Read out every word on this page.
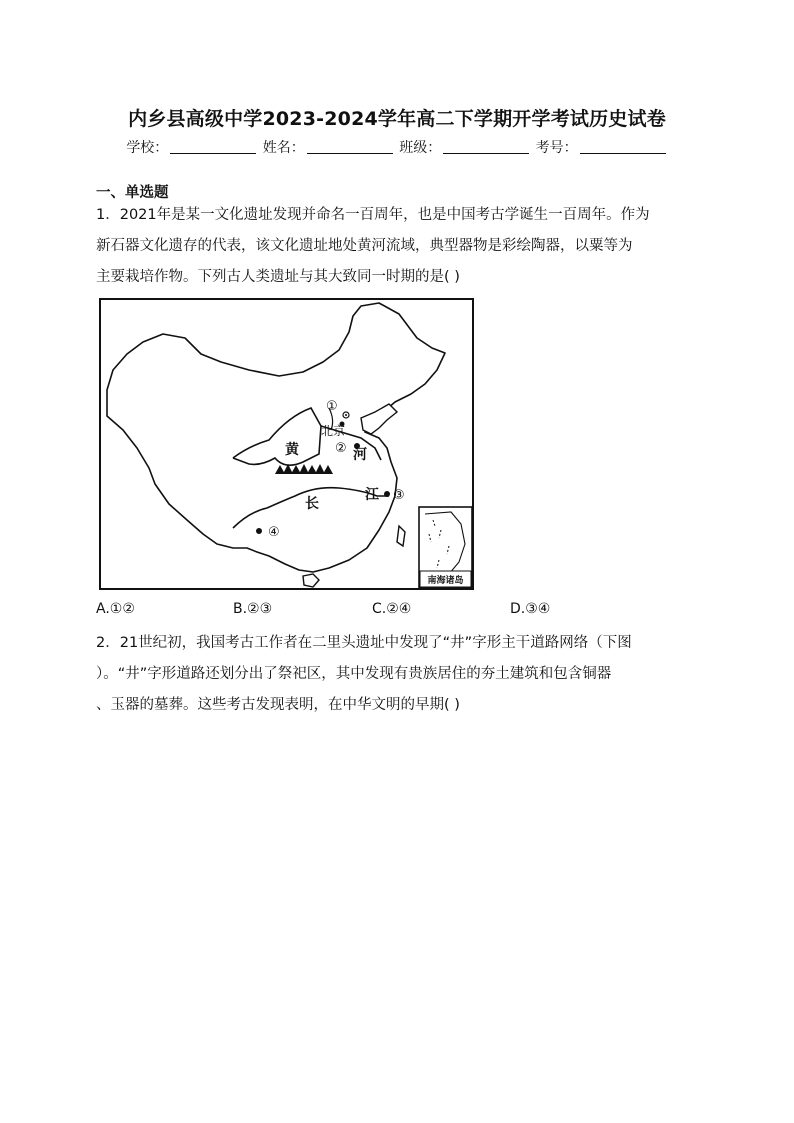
内乡县高级中学2023-2024学年高二下学期开学考试历史试卷
学校：	姓名：	班级：	考号：
一、单选题
1．2021年是某一文化遗址发现并命名一百周年，也是中国考古学诞生一百周年。作为
新石器文化遗存的代表，该文化遗址地处黄河流域，典型器物是彩绘陶器，以粟等为
主要栽培作物。下列古人类遗址与其大致同一时期的是( )
①
北京
②
黄	河
长
江 ③
④
南海诸岛
A.①②	B.②③	C.②④	D.③④
2．21世纪初，我国考古工作者在二里头遗址中发现了“井”字形主干道路网络（下图
）。“井”字形道路还划分出了祭祀区，其中发现有贵族居住的夯土建筑和包含铜器
、玉器的墓葬。这些考古发现表明，在中华文明的早期( )
